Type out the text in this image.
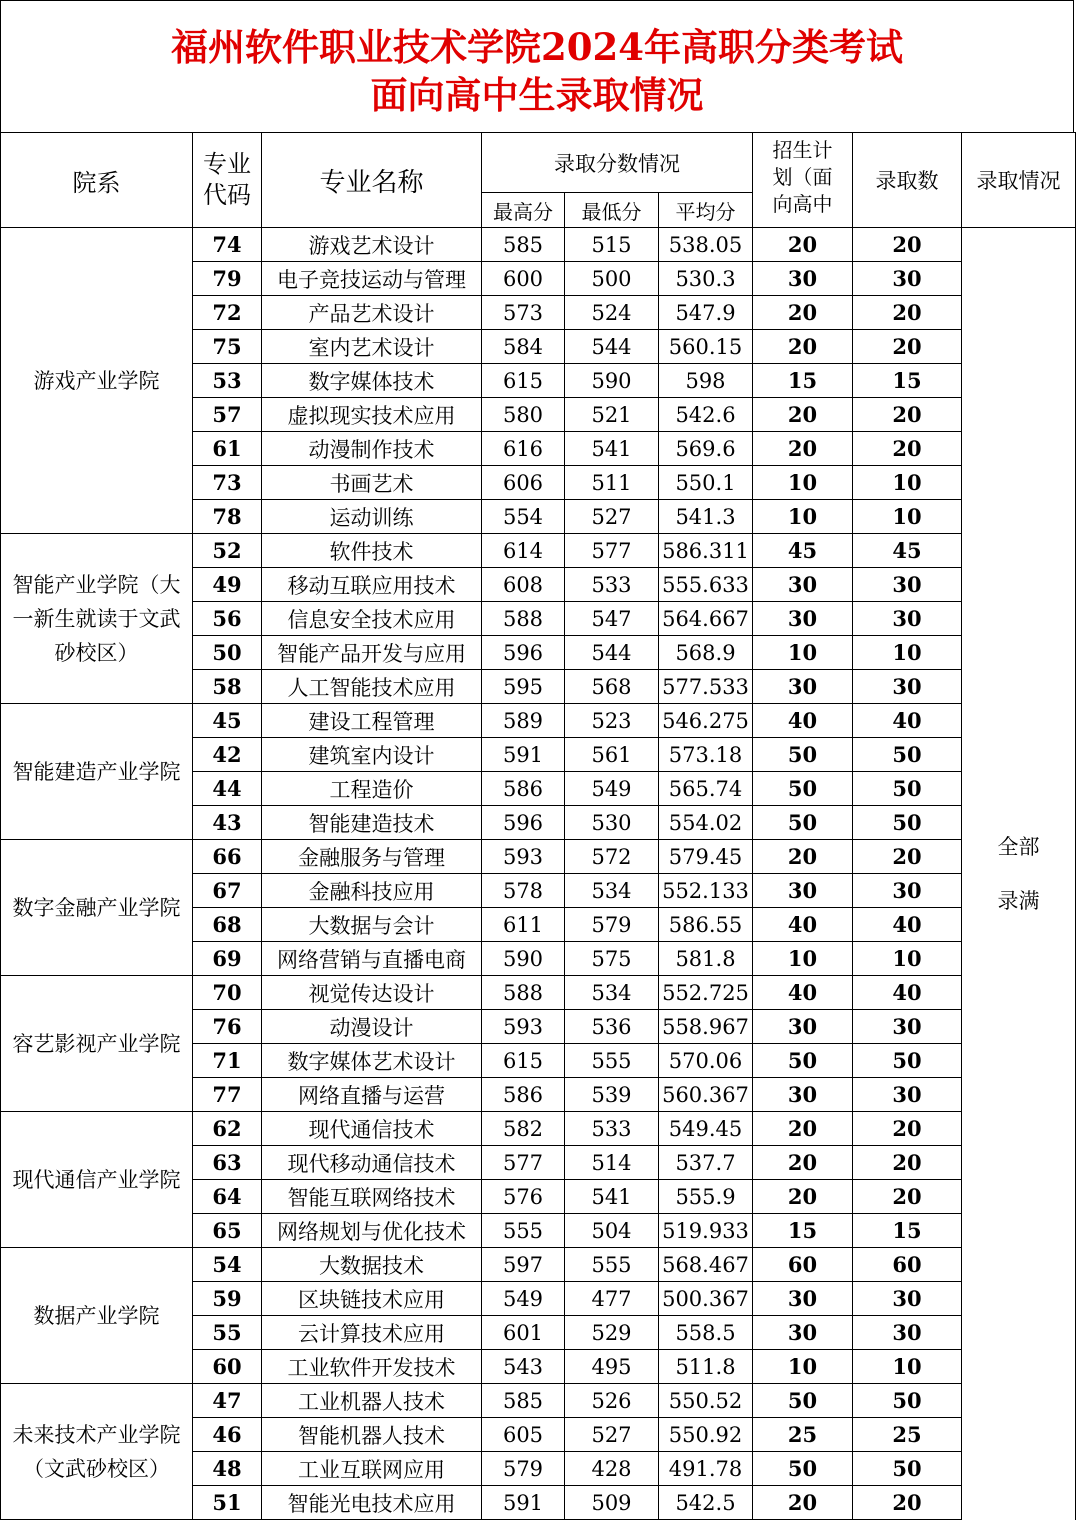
福州软件职业技术学院2024年高职分类考试
面向高中生录取情况
院系	专业代码	专业名称	录取分数情况			招生计划（面向高中	录取数	录取情况
			最高分	最低分	平均分			
游戏产业学院	74	游戏艺术设计	585	515	538.05	20	20	全部录满
	79	电子竞技运动与管理	600	500	530.3	30	30	
	72	产品艺术设计	573	524	547.9	20	20	
	75	室内艺术设计	584	544	560.15	20	20	
	53	数字媒体技术	615	590	598	15	15	
	57	虚拟现实技术应用	580	521	542.6	20	20	
	61	动漫制作技术	616	541	569.6	20	20	
	73	书画艺术	606	511	550.1	10	10	
	78	运动训练	554	527	541.3	10	10	
智能产业学院（大一新生就读于文武砂校区）	52	软件技术	614	577	586.311	45	45	
	49	移动互联应用技术	608	533	555.633	30	30	
	56	信息安全技术应用	588	547	564.667	30	30	
	50	智能产品开发与应用	596	544	568.9	10	10	
	58	人工智能技术应用	595	568	577.533	30	30	
智能建造产业学院	45	建设工程管理	589	523	546.275	40	40	
	42	建筑室内设计	591	561	573.18	50	50	
	44	工程造价	586	549	565.74	50	50	
	43	智能建造技术	596	530	554.02	50	50	
数字金融产业学院	66	金融服务与管理	593	572	579.45	20	20	
	67	金融科技应用	578	534	552.133	30	30	
	68	大数据与会计	611	579	586.55	40	40	
	69	网络营销与直播电商	590	575	581.8	10	10	
容艺影视产业学院	70	视觉传达设计	588	534	552.725	40	40	
	76	动漫设计	593	536	558.967	30	30	
	71	数字媒体艺术设计	615	555	570.06	50	50	
	77	网络直播与运营	586	539	560.367	30	30	
现代通信产业学院	62	现代通信技术	582	533	549.45	20	20	
	63	现代移动通信技术	577	514	537.7	20	20	
	64	智能互联网络技术	576	541	555.9	20	20	
	65	网络规划与优化技术	555	504	519.933	15	15	
数据产业学院	54	大数据技术	597	555	568.467	60	60	
	59	区块链技术应用	549	477	500.367	30	30	
	55	云计算技术应用	601	529	558.5	30	30	
	60	工业软件开发技术	543	495	511.8	10	10	
未来技术产业学院（文武砂校区）	47	工业机器人技术	585	526	550.52	50	50	
	46	智能机器人技术	605	527	550.92	25	25	
	48	工业互联网应用	579	428	491.78	50	50	
	51	智能光电技术应用	591	509	542.5	20	20	
